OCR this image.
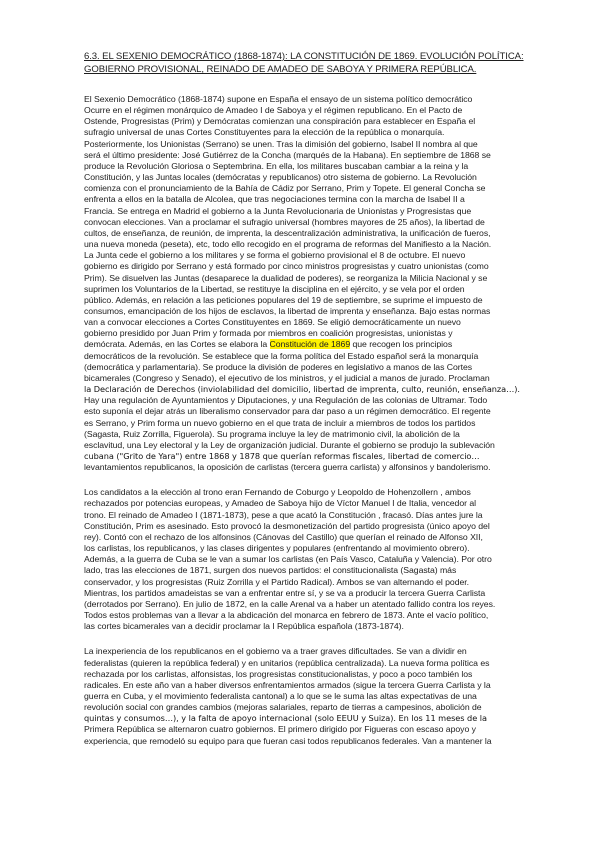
6.3. EL SEXENIO DEMOCRÁTICO (1868-1874): LA CONSTITUCIÓN DE 1869. EVOLUCIÓN POLÍTICA:
GOBIERNO PROVISIONAL, REINADO DE AMADEO DE SABOYA Y PRIMERA REPÚBLICA.
El Sexenio Democrático (1868-1874) supone en España el ensayo de un sistema político democrático
Ocurre en el régimen monárquico de Amadeo I de Saboya y el régimen republicano. En el Pacto de
Ostende, Progresistas (Prim) y Demócratas comienzan una conspiración para establecer en España el
sufragio universal de unas Cortes Constituyentes para la elección de la república o monarquía.
Posteriormente, los Unionistas (Serrano) se unen. Tras la dimisión del gobierno, Isabel II nombra al que
será el último presidente: José Gutiérrez de la Concha (marqués de la Habana). En septiembre de 1868 se
produce la Revolución Gloriosa o Septembrina. En ella, los militares buscaban cambiar a la reina y la
Constitución, y las Juntas locales (demócratas y republicanos) otro sistema de gobierno. La Revolución
comienza con el pronunciamiento de la Bahía de Cádiz por Serrano, Prim y Topete. El general Concha se
enfrenta a ellos en la batalla de Alcolea, que tras negociaciones termina con la marcha de Isabel II a
Francia. Se entrega en Madrid el gobierno a la Junta Revolucionaria de Unionistas y Progresistas que
convocan elecciones. Van a proclamar el sufragio universal (hombres mayores de 25 años), la libertad de
cultos, de enseñanza, de reunión, de imprenta, la descentralización administrativa, la unificación de fueros,
una nueva moneda (peseta), etc, todo ello recogido en el programa de reformas del Manifiesto a la Nación.
La Junta cede el gobierno a los militares y se forma el gobierno provisional el 8 de octubre. El nuevo
gobierno es dirigido por Serrano y está formado por cinco ministros progresistas y cuatro unionistas (como
Prim). Se disuelven las Juntas (desaparece la dualidad de poderes), se reorganiza la Milicia Nacional y se
suprimen los Voluntarios de la Libertad, se restituye la disciplina en el ejército, y se vela por el orden
público. Además, en relación a las peticiones populares del 19 de septiembre, se suprime el impuesto de
consumos, emancipación de los hijos de esclavos, la libertad de imprenta y enseñanza. Bajo estas normas
van a convocar elecciones a Cortes Constituyentes en 1869. Se eligió democráticamente un nuevo
gobierno presidido por Juan Prim y formada por miembros en coalición progresistas, unionistas y
demócrata. Además, en las Cortes se elabora la Constitución de 1869 que recogen los principios
democráticos de la revolución. Se establece que la forma política del Estado español será la monarquía
(democrática y parlamentaria). Se produce la división de poderes en legislativo a manos de las Cortes
bicamerales (Congreso y Senado), el ejecutivo de los ministros, y el judicial a manos de jurado. Proclaman
la Declaración de Derechos (inviolabilidad del domicilio, libertad de imprenta, culto, reunión, enseñanza…).
Hay una regulación de Ayuntamientos y Diputaciones, y una Regulación de las colonias de Ultramar. Todo
esto suponía el dejar atrás un liberalismo conservador para dar paso a un régimen democrático. El regente
es Serrano, y Prim forma un nuevo gobierno en el que trata de incluir a miembros de todos los partidos
(Sagasta, Ruiz Zorrilla, Figuerola). Su programa incluye la ley de matrimonio civil, la abolición de la
esclavitud, una Ley electoral y la Ley de organización judicial. Durante el gobierno se produjo la sublevación
cubana ("Grito de Yara") entre 1868 y 1878 que querían reformas fiscales, libertad de comercio…
levantamientos republicanos, la oposición de carlistas (tercera guerra carlista) y alfonsinos y bandolerismo.
Los candidatos a la elección al trono eran Fernando de Coburgo y Leopoldo de Hohenzollern , ambos
rechazados por potencias europeas, y Amadeo de Saboya hijo de Víctor Manuel I de Italia, vencedor al
trono. El reinado de Amadeo I (1871-1873), pese a que acató la Constitución , fracasó. Días antes jure la
Constitución, Prim es asesinado. Esto provocó la desmonetización del partido progresista (único apoyo del
rey). Contó con el rechazo de los alfonsinos (Cánovas del Castillo) que querían el reinado de Alfonso XII,
los carlistas, los republicanos, y las clases dirigentes y populares (enfrentando al movimiento obrero).
Además, a la guerra de Cuba se le van a sumar los carlistas (en País Vasco, Cataluña y Valencia). Por otro
lado, tras las elecciones de 1871, surgen dos nuevos partidos: el constitucionalista (Sagasta) más
conservador, y los progresistas (Ruiz Zorrilla y el Partido Radical). Ambos se van alternando el poder.
Mientras, los partidos amadeistas se van a enfrentar entre sí, y se va a producir la tercera Guerra Carlista
(derrotados por Serrano). En julio de 1872, en la calle Arenal va a haber un atentado fallido contra los reyes.
Todos estos problemas van a llevar a la abdicación del monarca en febrero de 1873. Ante el vacío político,
las cortes bicamerales van a decidir proclamar la I República española (1873-1874).
La inexperiencia de los republicanos en el gobierno va a traer graves dificultades. Se van a dividir en
federalistas (quieren la república federal) y en unitarios (república centralizada). La nueva forma política es
rechazada por los carlistas, alfonsistas, los progresistas constitucionalistas, y poco a poco también los
radicales. En este año van a haber diversos enfrentamientos armados (sigue la tercera Guerra Carlista y la
guerra en Cuba, y el movimiento federalista cantonal) a lo que se le suma las altas expectativas de una
revolución social con grandes cambios (mejoras salariales, reparto de tierras a campesinos, abolición de
quintas y consumos…), y la falta de apoyo internacional (solo EEUU y Suiza). En los 11 meses de la
Primera República se alternaron cuatro gobiernos. El primero dirigido por Figueras con escaso apoyo y
experiencia, que remodeló su equipo para que fueran casi todos republicanos federales. Van a mantener la
